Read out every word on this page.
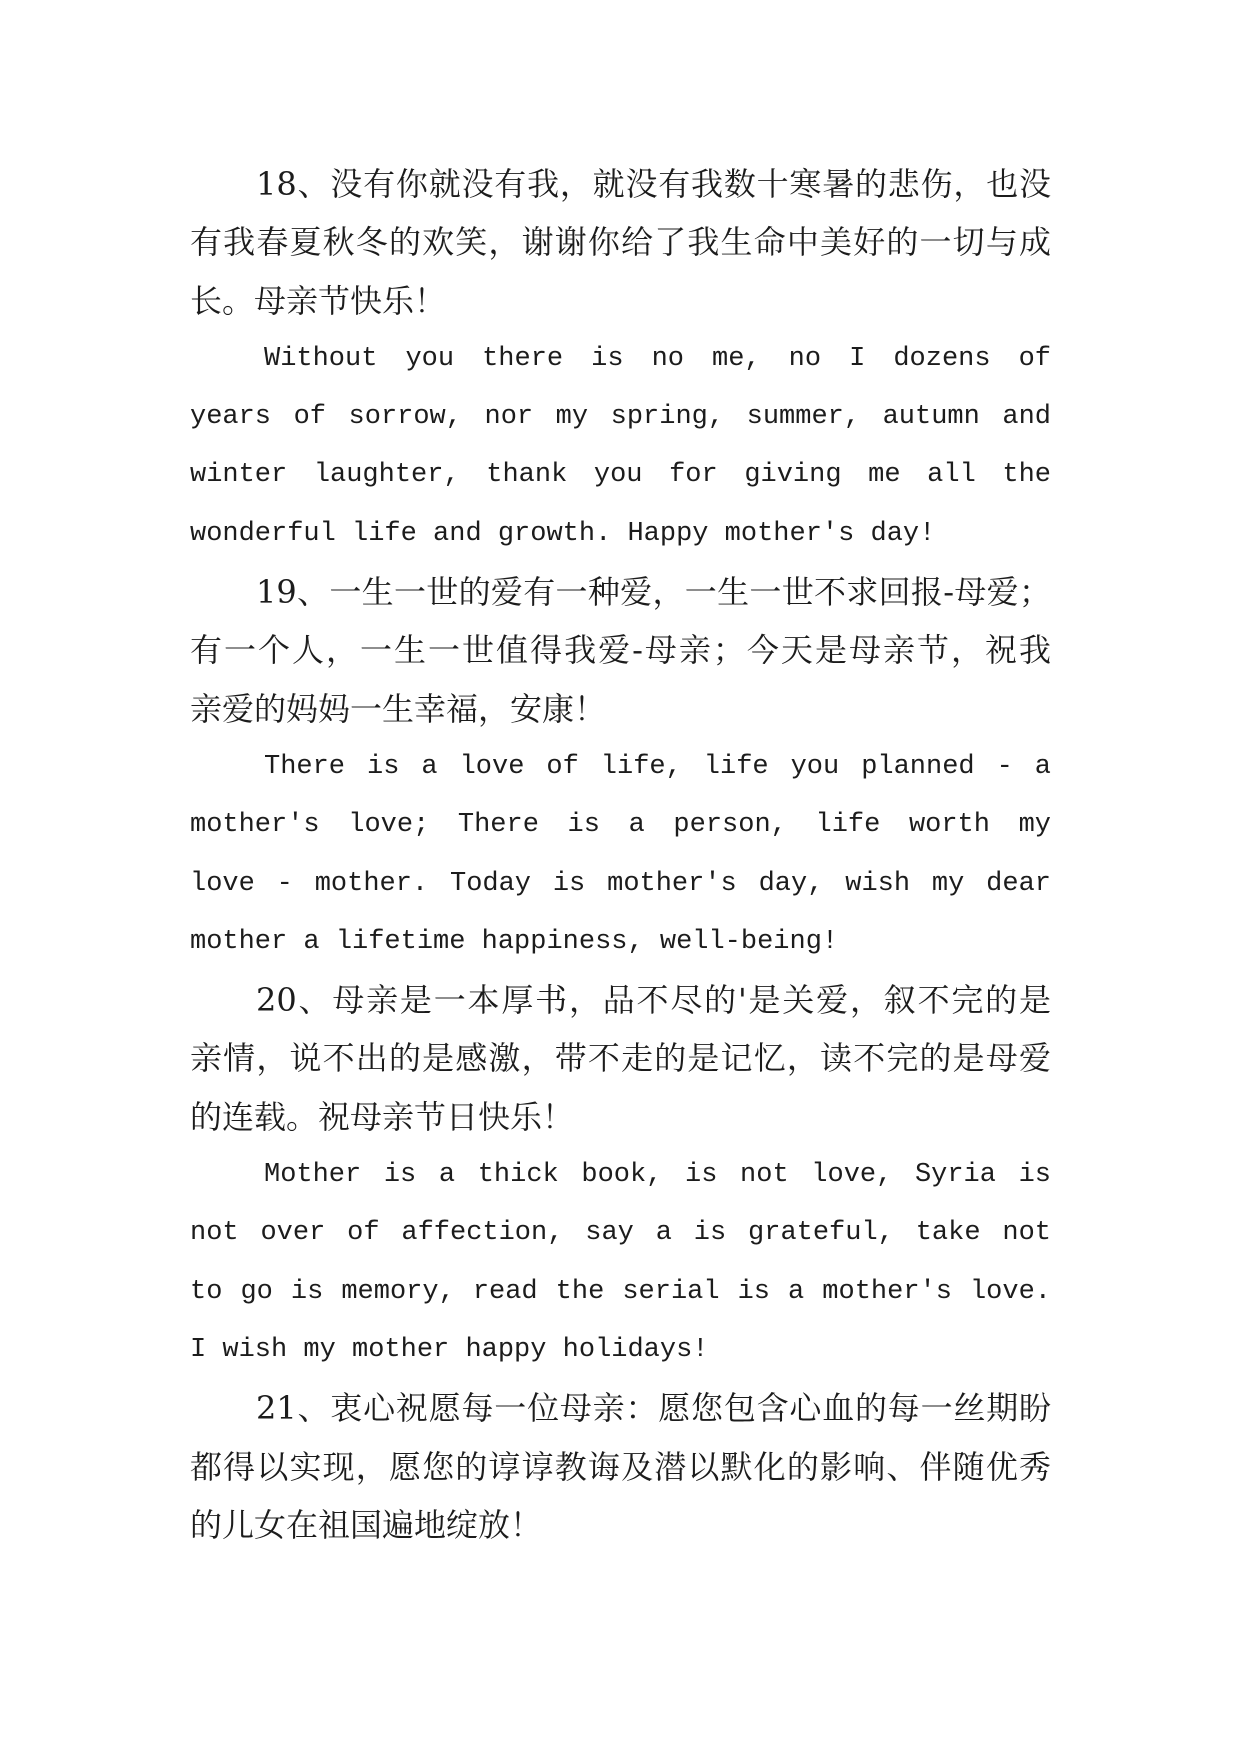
18、没有你就没有我，就没有我数十寒暑的悲伤，也没
有我春夏秋冬的欢笑，谢谢你给了我生命中美好的一切与成
长。母亲节快乐！
Without you there is no me, no I dozens of
years of sorrow, nor my spring, summer, autumn and
winter laughter, thank you for giving me all the
wonderful life and growth. Happy mother's day!
19、一生一世的爱有一种爱，一生一世不求回报-母爱；
有一个人，一生一世值得我爱-母亲；今天是母亲节，祝我
亲爱的妈妈一生幸福，安康！
There is a love of life, life you planned - a
mother's love; There is a person, life worth my
love - mother. Today is mother's day, wish my dear
mother a lifetime happiness, well-being!
20、母亲是一本厚书，品不尽的'是关爱，叙不完的是
亲情，说不出的是感激，带不走的是记忆，读不完的是母爱
的连载。祝母亲节日快乐！
Mother is a thick book, is not love, Syria is
not over of affection, say a is grateful, take not
to go is memory, read the serial is a mother's love.
I wish my mother happy holidays!
21、衷心祝愿每一位母亲：愿您包含心血的每一丝期盼
都得以实现，愿您的谆谆教诲及潜以默化的影响、伴随优秀
的儿女在祖国遍地绽放！
